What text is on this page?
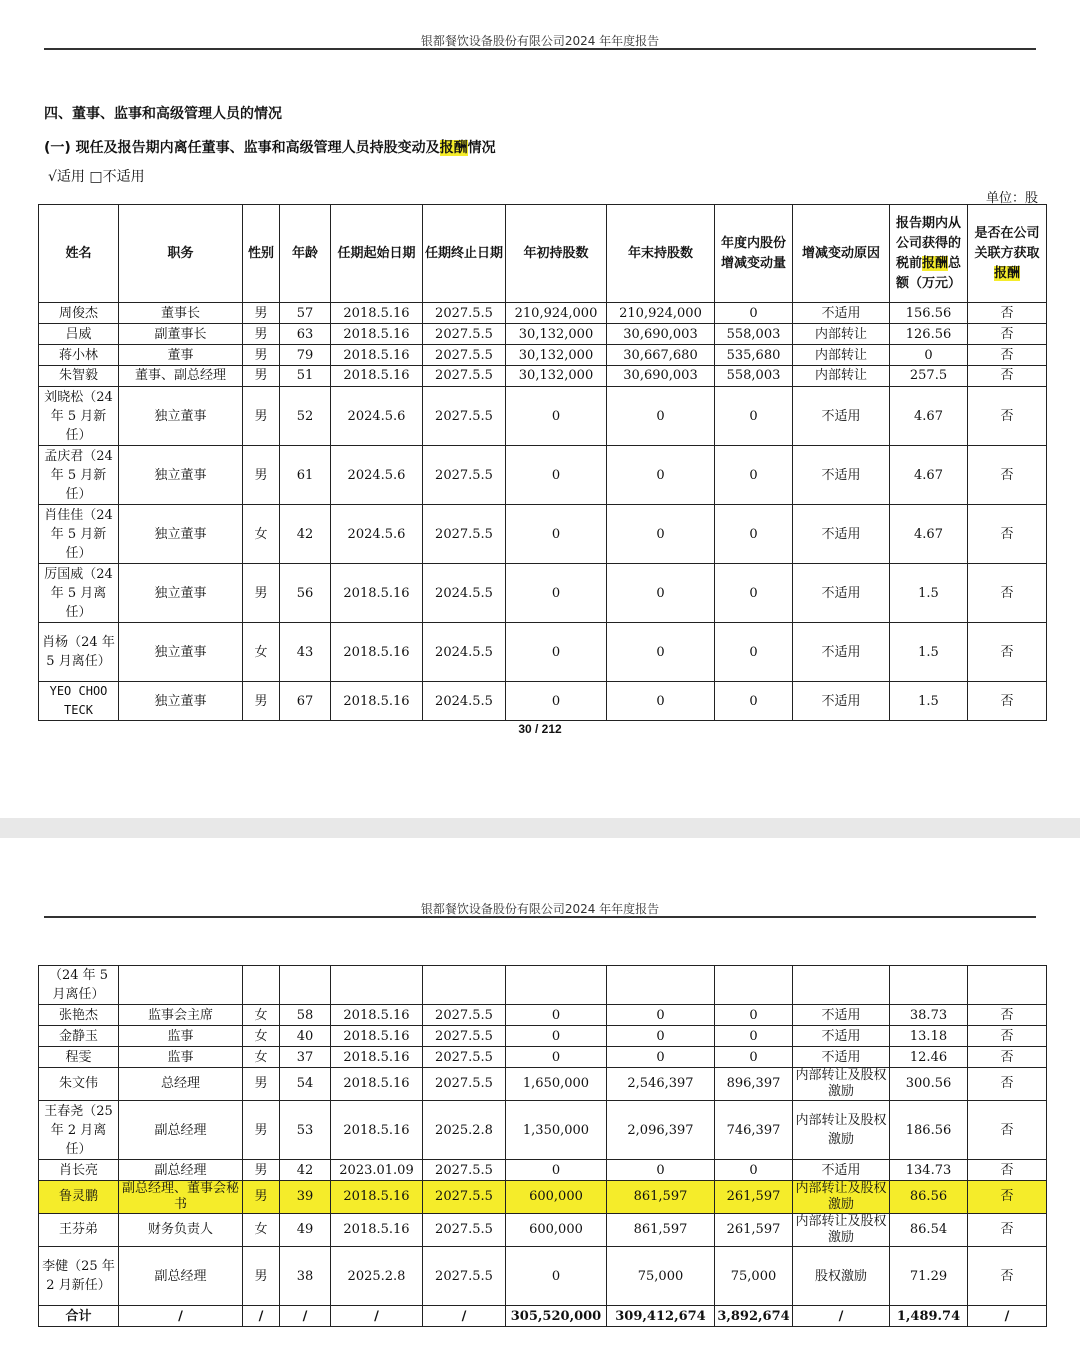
银都餐饮设备股份有限公司2024 年年度报告
四、董事、监事和高级管理人员的情况
(一) 现任及报告期内离任董事、监事和高级管理人员持股变动及报酬情况
√适用 □不适用
单位：股
姓名	职务	性别	年龄	任期起始日期	任期终止日期	年初持股数	年末持股数	年度内股份增减变动量	增减变动原因	报告期内从公司获得的税前报酬总额（万元）	是否在公司关联方获取报酬
周俊杰	董事长	男	57	2018.5.16	2027.5.5	210,924,000	210,924,000	0	不适用	156.56	否
吕威	副董事长	男	63	2018.5.16	2027.5.5	30,132,000	30,690,003	558,003	内部转让	126.56	否
蒋小林	董事	男	79	2018.5.16	2027.5.5	30,132,000	30,667,680	535,680	内部转让	0	否
朱智毅	董事、副总经理	男	51	2018.5.16	2027.5.5	30,132,000	30,690,003	558,003	内部转让	257.5	否
刘晓松（24 年 5 月新任）	独立董事	男	52	2024.5.6	2027.5.5	0	0	0	不适用	4.67	否
孟庆君（24 年 5 月新任）	独立董事	男	61	2024.5.6	2027.5.5	0	0	0	不适用	4.67	否
肖佳佳（24 年 5 月新任）	独立董事	女	42	2024.5.6	2027.5.5	0	0	0	不适用	4.67	否
厉国威（24 年 5 月离任）	独立董事	男	56	2018.5.16	2024.5.5	0	0	0	不适用	1.5	否
肖杨（24 年 5 月离任）	独立董事	女	43	2018.5.16	2024.5.5	0	0	0	不适用	1.5	否
YEO CHOO TECK	独立董事	男	67	2018.5.16	2024.5.5	0	0	0	不适用	1.5	否
30 / 212
银都餐饮设备股份有限公司2024 年年度报告
（24 年 5 月离任）											
张艳杰	监事会主席	女	58	2018.5.16	2027.5.5	0	0	0	不适用	38.73	否
金静玉	监事	女	40	2018.5.16	2027.5.5	0	0	0	不适用	13.18	否
程雯	监事	女	37	2018.5.16	2027.5.5	0	0	0	不适用	12.46	否
朱文伟	总经理	男	54	2018.5.16	2027.5.5	1,650,000	2,546,397	896,397	内部转让及股权激励	300.56	否
王春尧（25 年 2 月离任）	副总经理	男	53	2018.5.16	2025.2.8	1,350,000	2,096,397	746,397	内部转让及股权激励	186.56	否
肖长亮	副总经理	男	42	2023.01.09	2027.5.5	0	0	0	不适用	134.73	否
鲁灵鹏	副总经理、董事会秘书	男	39	2018.5.16	2027.5.5	600,000	861,597	261,597	内部转让及股权激励	86.56	否
王芬弟	财务负责人	女	49	2018.5.16	2027.5.5	600,000	861,597	261,597	内部转让及股权激励	86.54	否
李健（25 年 2 月新任）	副总经理	男	38	2025.2.8	2027.5.5	0	75,000	75,000	股权激励	71.29	否
合计	/	/	/	/	/	305,520,000	309,412,674	3,892,674	/	1,489.74	/
